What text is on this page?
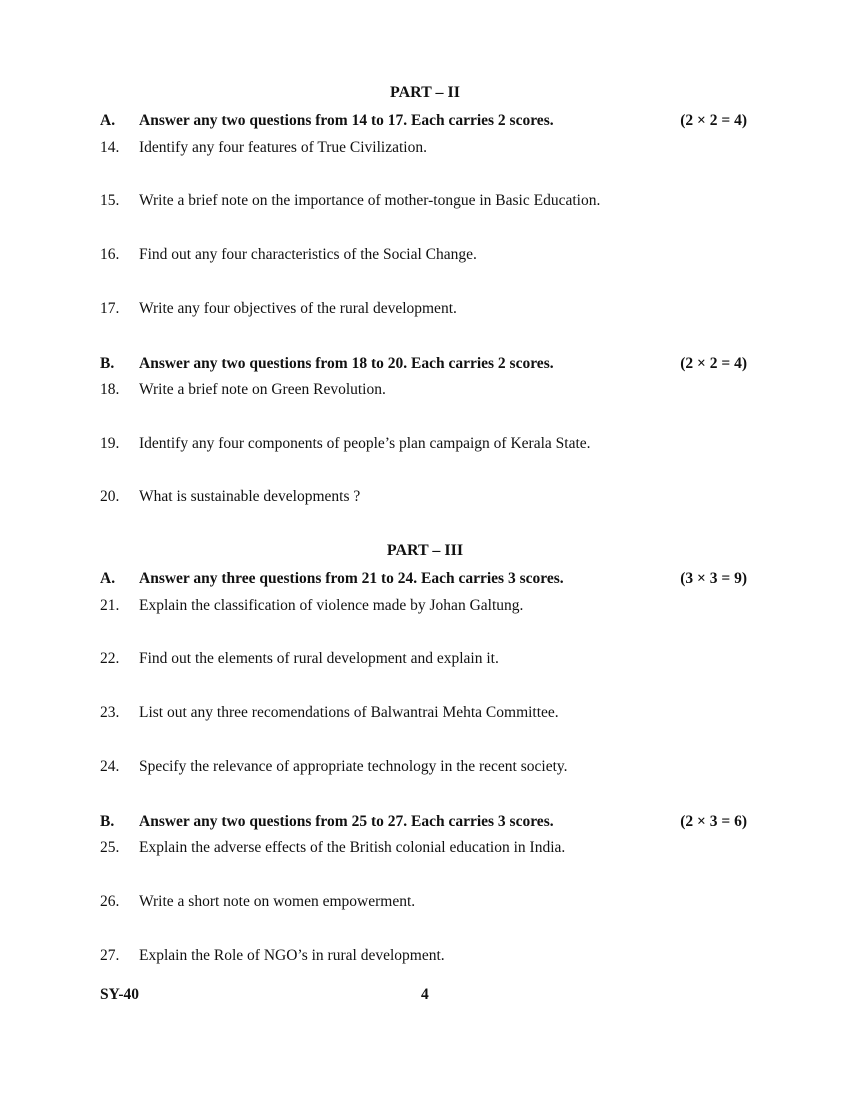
PART – II
A. Answer any two questions from 14 to 17. Each carries 2 scores.	(2 × 2 = 4)
14. Identify any four features of True Civilization.
15. Write a brief note on the importance of mother-tongue in Basic Education.
16. Find out any four characteristics of the Social Change.
17. Write any four objectives of the rural development.
B. Answer any two questions from 18 to 20. Each carries 2 scores.	(2 × 2 = 4)
18. Write a brief note on Green Revolution.
19. Identify any four components of people’s plan campaign of Kerala State.
20. What is sustainable developments ?
PART – III
A. Answer any three questions from 21 to 24. Each carries 3 scores.	(3 × 3 = 9)
21. Explain the classification of violence made by Johan Galtung.
22. Find out the elements of rural development and explain it.
23. List out any three recomendations of Balwantrai Mehta Committee.
24. Specify the relevance of appropriate technology in the recent society.
B. Answer any two questions from 25 to 27. Each carries 3 scores.	(2 × 3 = 6)
25. Explain the adverse effects of the British colonial education in India.
26. Write a short note on women empowerment.
27. Explain the Role of NGO’s in rural development.
SY-40	4
